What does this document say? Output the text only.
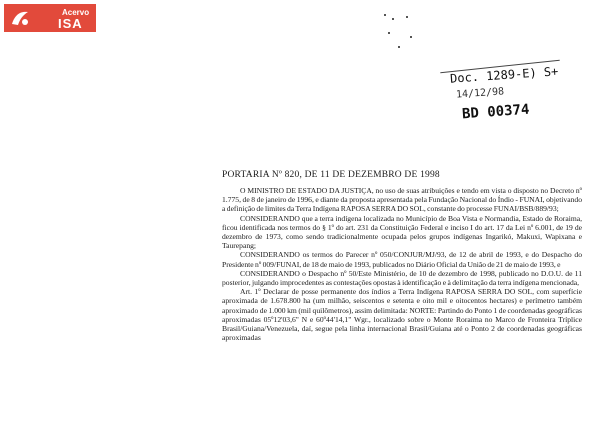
Acervo
ISA
Doc. 1289-E) S+
14/12/98
BD 00374
PORTARIA Nº 820, DE 11 DE DEZEMBRO DE 1998

O MINISTRO DE ESTADO DA JUSTIÇA, no uso de suas atribuições e tendo em vista o disposto no Decreto nº 1.775, de 8 de janeiro de 1996, e diante da proposta apresentada pela Fundação Nacional do Índio - FUNAI, objetivando a definição de limites da Terra Indígena RAPOSA SERRA DO SOL, constante do processe FUNAI/BSB/889/93;

CONSIDERANDO que a terra indígena localizada no Município de Boa Vista e Normandia, Estado de Roraima, ficou identificada nos termos do § 1º do art. 231 da Constituição Federal e inciso I do art. 17 da Lei nº 6.001, de 19 de dezembro de 1973, como sendo tradicionalmente ocupada pelos grupos indígenas Ingarikó, Makuxi, Wapixana e Taurepang;

CONSIDERANDO os termos do Parecer nº 050/CONJUR/MJ/93, de 12 de abril de 1993, e do Despacho do Presidente nº 009/FUNAI, de 18 de maio de 1993, publicados no Diário Oficial da União de 21 de maio de 1993, e

CONSIDERANDO o Despacho nº 50/Este Ministério, de 10 de dezembro de 1998, publicado no D.O.U. de 11 posterior, julgando improcedentes as contestações opostas à identificação e à delimitação da terra indígena mencionada,

Art. 1º Declarar de posse permanente dos índios a Terra Indígena RAPOSA SERRA DO SOL, com superfície aproximada de 1.678.800 ha (um milhão, seiscentos e setenta e oito mil e oitocentos hectares) e perímetro também aproximado de 1.000 km (mil quilômetros), assim delimitada: NORTE: Partindo do Ponto 1 de coordenadas geográficas aproximadas 05º12'03,6" N e 60º44'14,1" Wgr., localizado sobre o Monte Roraima no Marco de Fronteira Tríplice Brasil/Guiana/Venezuela, daí, segue pela linha internacional Brasil/Guiana até o Ponto 2 de coordenadas geográficas aproximadas
